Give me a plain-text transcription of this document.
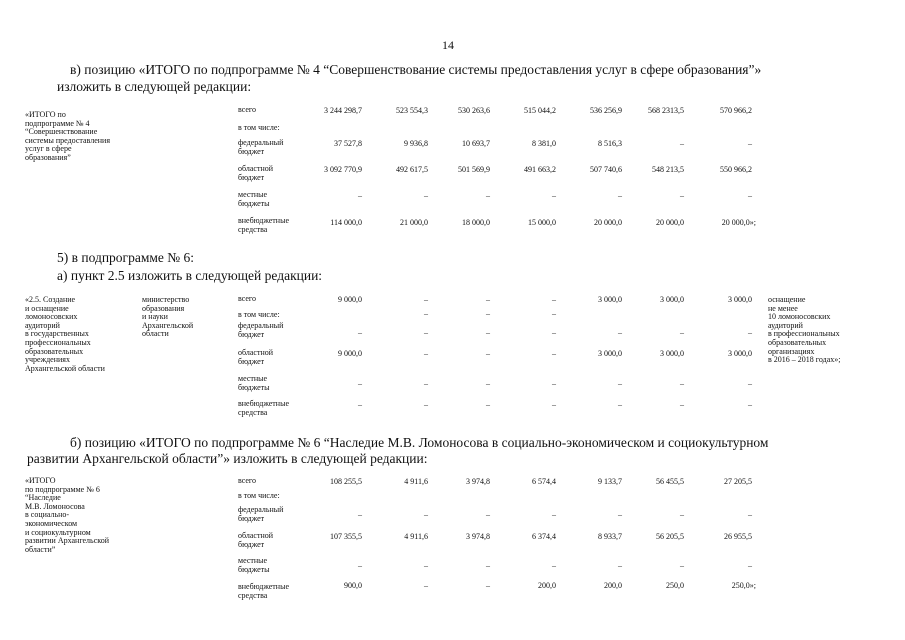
14
в) позицию «ИТОГО по подпрограмме № 4 “Совершенствование системы предоставления услуг в сфере образования”»
изложить в следующей редакции:
«ИТОГО по
подпрограмме № 4
“Совершенствование
системы предоставления
услуг в сфере
образования”
всего	3 244 298,7	523 554,3	530 263,6	515 044,2	536 256,9	568 2313,5	570 966,2
в том числе:
федеральный
бюджет
37 527,8	9 936,8	10 693,7	8 381,0	8 516,3	–	–
областной
бюджет
3 092 770,9	492 617,5	501 569,9	491 663,2	507 740,6	548 213,5	550 966,2
местные
бюджеты
–	–	–	–	–	–	–
внебюджетные
средства
114 000,0	21 000,0	18 000,0	15 000,0	20 000,0	20 000,0	20 000,0»;
5) в подпрограмме № 6:
а) пункт 2.5 изложить в следующей редакции:
«2.5. Создание
и оснащение
ломоносовских
аудиторий
в государственных
профессиональных
образовательных
учреждениях
Архангельской области
министерство
образования
и науки
Архангельской
области
оснащение
не менее
10 ломоносовских
аудиторий
в профессиональных
образовательных
организациях
в 2016 – 2018 годах»;
всего	9 000,0	–	–	–	3 000,0	3 000,0	3 000,0
в том числе:	–	–	–
федеральный
бюджет	–	–	–	–	–	–	–
областной
бюджет
9 000,0	–	–	–	3 000,0	3 000,0	3 000,0
местные
бюджеты	–	–	–	–	–	–	–
внебюджетные
средства
–	–	–	–	–	–	–
б) позицию «ИТОГО по подпрограмме № 6 “Наследие М.В. Ломоносова в социально-экономическом и социокультурном
развитии Архангельской области”» изложить в следующей редакции:
«ИТОГО
по подпрограмме № 6
“Наследие
М.В. Ломоносова
в социально-
экономическом
и социокультурном
развитии Архангельской
области”
всего	108 255,5	4 911,6	3 974,8	6 574,4	9 133,7	56 455,5	27 205,5
в том числе:
федеральный
бюджет	–	–	–	–	–	–	–
областной
бюджет
107 355,5	4 911,6	3 974,8	6 374,4	8 933,7	56 205,5	26 955,5
местные
бюджеты	–	–	–	–	–	–	–
внебюджетные
средства
900,0	–	–	200,0	200,0	250,0	250,0»;
